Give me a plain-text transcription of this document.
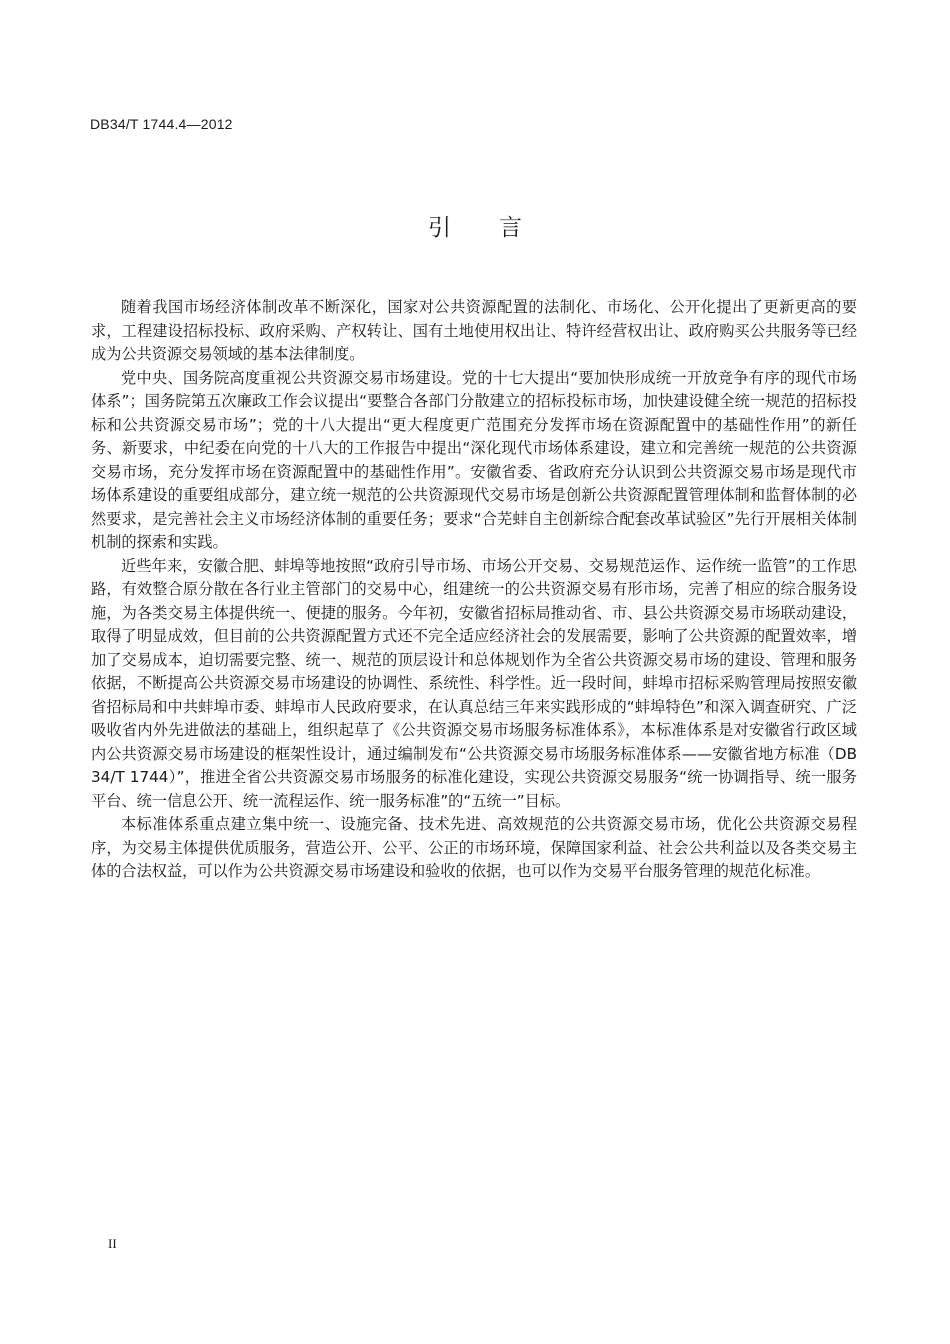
DB34/T 1744.4—2012
引言

随着我国市场经济体制改革不断深化，国家对公共资源配置的法制化、市场化、公开化提出了更新更高的要求，工程建设招标投标、政府采购、产权转让、国有土地使用权出让、特许经营权出让、政府购买公共服务等已经成为公共资源交易领域的基本法律制度。

党中央、国务院高度重视公共资源交易市场建设。党的十七大提出“要加快形成统一开放竞争有序的现代市场体系”；国务院第五次廉政工作会议提出“要整合各部门分散建立的招标投标市场，加快建设健全统一规范的招标投标和公共资源交易市场”；党的十八大提出“更大程度更广范围充分发挥市场在资源配置中的基础性作用”的新任务、新要求，中纪委在向党的十八大的工作报告中提出“深化现代市场体系建设，建立和完善统一规范的公共资源交易市场，充分发挥市场在资源配置中的基础性作用”。安徽省委、省政府充分认识到公共资源交易市场是现代市场体系建设的重要组成部分，建立统一规范的公共资源现代交易市场是创新公共资源配置管理体制和监督体制的必然要求，是完善社会主义市场经济体制的重要任务；要求“合芜蚌自主创新综合配套改革试验区”先行开展相关体制机制的探索和实践。

近些年来，安徽合肥、蚌埠等地按照“政府引导市场、市场公开交易、交易规范运作、运作统一监管”的工作思路，有效整合原分散在各行业主管部门的交易中心，组建统一的公共资源交易有形市场，完善了相应的综合服务设施，为各类交易主体提供统一、便捷的服务。今年初，安徽省招标局推动省、市、县公共资源交易市场联动建设，取得了明显成效，但目前的公共资源配置方式还不完全适应经济社会的发展需要，影响了公共资源的配置效率，增加了交易成本，迫切需要完整、统一、规范的顶层设计和总体规划作为全省公共资源交易市场的建设、管理和服务依据，不断提高公共资源交易市场建设的协调性、系统性、科学性。近一段时间，蚌埠市招标采购管理局按照安徽省招标局和中共蚌埠市委、蚌埠市人民政府要求，在认真总结三年来实践形成的“蚌埠特色”和深入调查研究、广泛吸收省内外先进做法的基础上，组织起草了《公共资源交易市场服务标准体系》，本标准体系是对安徽省行政区域内公共资源交易市场建设的框架性设计，通过编制发布“公共资源交易市场服务标准体系——安徽省地方标准（DB34/T 1744）”，推进全省公共资源交易市场服务的标准化建设，实现公共资源交易服务“统一协调指导、统一服务平台、统一信息公开、统一流程运作、统一服务标准”的“五统一”目标。

本标准体系重点建立集中统一、设施完备、技术先进、高效规范的公共资源交易市场，优化公共资源交易程序，为交易主体提供优质服务，营造公开、公平、公正的市场环境，保障国家利益、社会公共利益以及各类交易主体的合法权益，可以作为公共资源交易市场建设和验收的依据，也可以作为交易平台服务管理的规范化标准。

II
